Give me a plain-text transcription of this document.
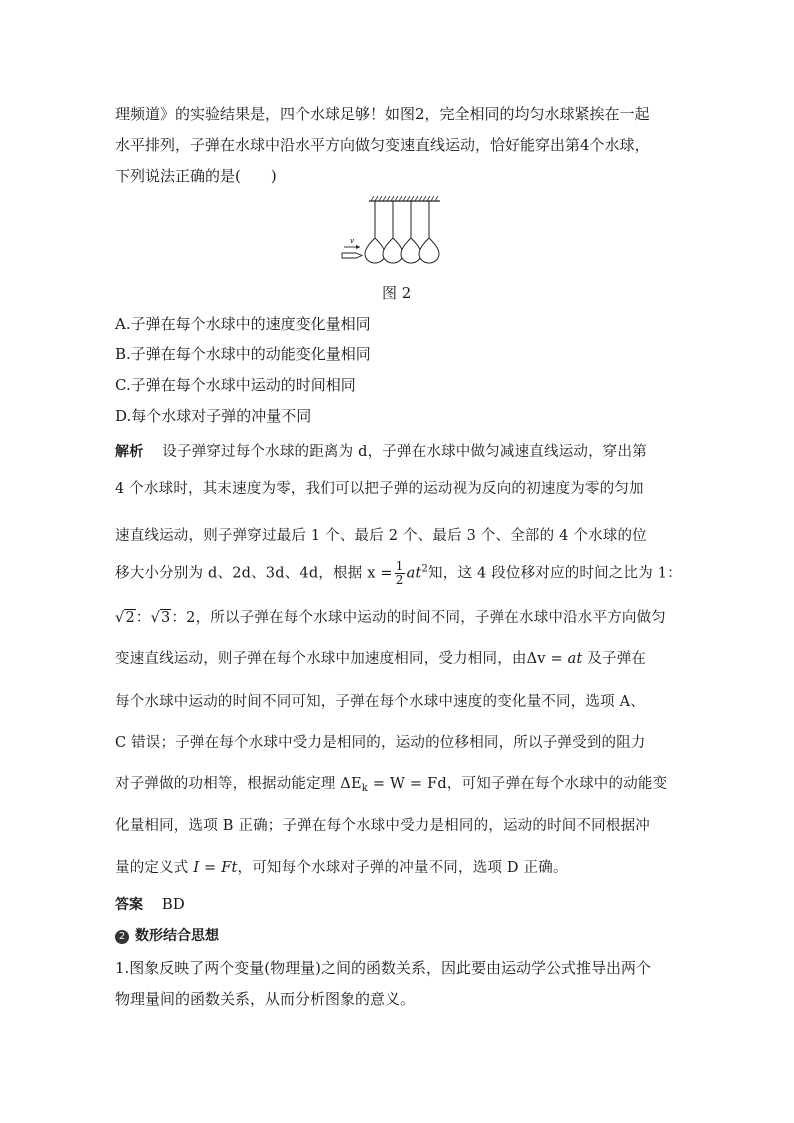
理频道》的实验结果是，四个水球足够！如图2，完全相同的均匀水球紧挨在一起
水平排列，子弹在水球中沿水平方向做匀变速直线运动，恰好能穿出第4个水球，
下列说法正确的是(　　)
v
图 2
A.子弹在每个水球中的速度变化量相同
B.子弹在每个水球中的动能变化量相同
C.子弹在每个水球中运动的时间相同
D.每个水球对子弹的冲量不同
解析 设子弹穿过每个水球的距离为 d，子弹在水球中做匀减速直线运动，穿出第
4 个水球时，其末速度为零，我们可以把子弹的运动视为反向的初速度为零的匀加
速直线运动，则子弹穿过最后 1 个、最后 2 个、最后 3 个、全部的 4 个水球的位
移大小分别为 d、2d、3d、4d，根据 $x = \frac{1}{2} at^2$知，这 4 段位移对应的时间之比为 1：
√2：√3：2，所以子弹在每个水球中运动的时间不同，子弹在水球中沿水平方向做匀
变速直线运动，则子弹在每个水球中加速度相同，受力相同，由Δv = at 及子弹在
每个水球中运动的时间不同可知，子弹在每个水球中速度的变化量不同，选项 A、
C 错误；子弹在每个水球中受力是相同的，运动的位移相同，所以子弹受到的阻力
对子弹做的功相等，根据动能定理 $\Delta E_k = W = Fd$，可知子弹在每个水球中的动能变
化量相同，选项 B 正确；子弹在每个水球中受力是相同的，运动的时间不同根据冲
量的定义式 I = Ft，可知每个水球对子弹的冲量不同，选项 D 正确。
答案 BD
2 数形结合思想
1.图象反映了两个变量(物理量)之间的函数关系，因此要由运动学公式推导出两个
物理量间的函数关系，从而分析图象的意义。
